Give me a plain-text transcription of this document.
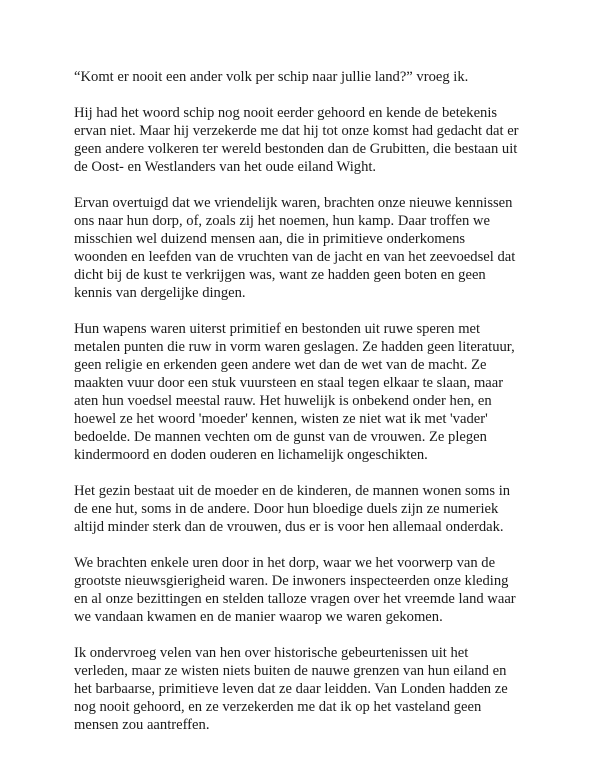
“Komt er nooit een ander volk per schip naar jullie land?” vroeg ik.

Hij had het woord schip nog nooit eerder gehoord en kende de betekenis
ervan niet. Maar hij verzekerde me dat hij tot onze komst had gedacht dat er
geen andere volkeren ter wereld bestonden dan de Grubitten, die bestaan uit
de Oost- en Westlanders van het oude eiland Wight.

Ervan overtuigd dat we vriendelijk waren, brachten onze nieuwe kennissen
ons naar hun dorp, of, zoals zij het noemen, hun kamp. Daar troffen we
misschien wel duizend mensen aan, die in primitieve onderkomens
woonden en leefden van de vruchten van de jacht en van het zeevoedsel dat
dicht bij de kust te verkrijgen was, want ze hadden geen boten en geen
kennis van dergelijke dingen.

Hun wapens waren uiterst primitief en bestonden uit ruwe speren met
metalen punten die ruw in vorm waren geslagen. Ze hadden geen literatuur,
geen religie en erkenden geen andere wet dan de wet van de macht. Ze
maakten vuur door een stuk vuursteen en staal tegen elkaar te slaan, maar
aten hun voedsel meestal rauw. Het huwelijk is onbekend onder hen, en
hoewel ze het woord 'moeder' kennen, wisten ze niet wat ik met 'vader'
bedoelde. De mannen vechten om de gunst van de vrouwen. Ze plegen
kindermoord en doden ouderen en lichamelijk ongeschikten.

Het gezin bestaat uit de moeder en de kinderen, de mannen wonen soms in
de ene hut, soms in de andere. Door hun bloedige duels zijn ze numeriek
altijd minder sterk dan de vrouwen, dus er is voor hen allemaal onderdak.

We brachten enkele uren door in het dorp, waar we het voorwerp van de
grootste nieuwsgierigheid waren. De inwoners inspecteerden onze kleding
en al onze bezittingen en stelden talloze vragen over het vreemde land waar
we vandaan kwamen en de manier waarop we waren gekomen.

Ik ondervroeg velen van hen over historische gebeurtenissen uit het
verleden, maar ze wisten niets buiten de nauwe grenzen van hun eiland en
het barbaarse, primitieve leven dat ze daar leidden. Van Londen hadden ze
nog nooit gehoord, en ze verzekerden me dat ik op het vasteland geen
mensen zou aantreffen.
